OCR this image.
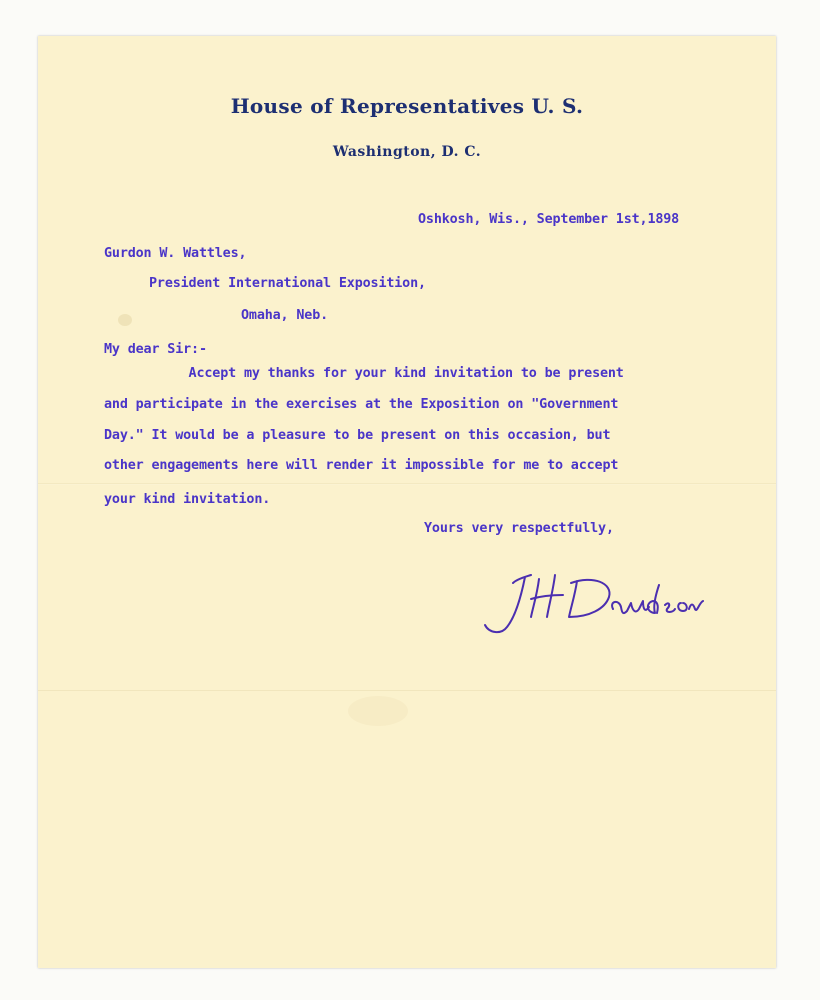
House of Representatives U. S.
Washington, D. C.
Oshkosh, Wis., September 1st,1898
Gurdon W. Wattles,
President International Exposition,
Omaha, Neb.
My dear Sir:-
Accept my thanks for your kind invitation to be present
and participate in the exercises at the Exposition on "Government
Day." It would be a pleasure to be present on this occasion, but
other engagements here will render it impossible for me to accept
your kind invitation.
Yours very respectfully,
